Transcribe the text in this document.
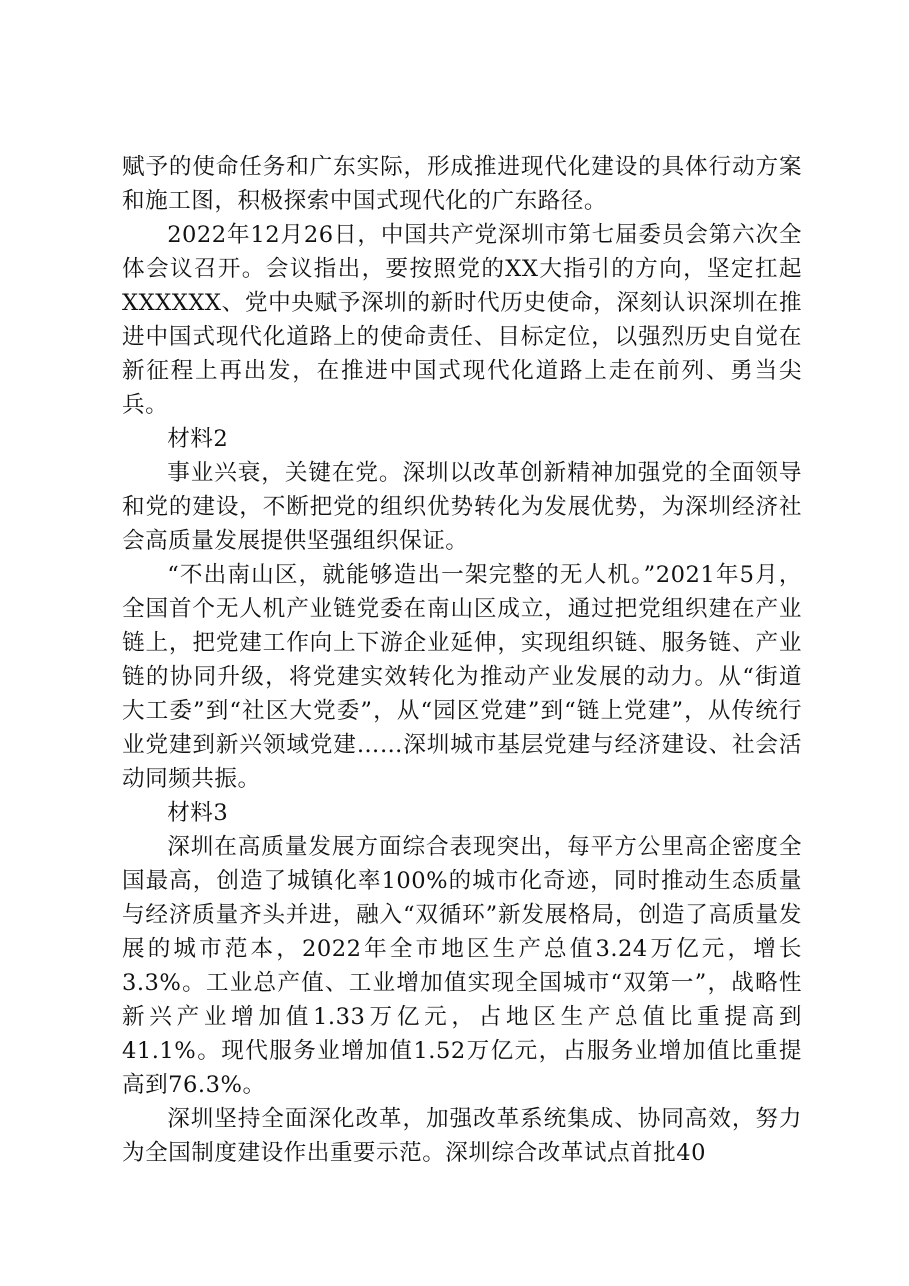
赋予的使命任务和广东实际，形成推进现代化建设的具体行动方案和施工图，积极探索中国式现代化的广东路径。

2022年12月26日，中国共产党深圳市第七届委员会第六次全体会议召开。会议指出，要按照党的XX大指引的方向，坚定扛起XXXXXX、党中央赋予深圳的新时代历史使命，深刻认识深圳在推进中国式现代化道路上的使命责任、目标定位，以强烈历史自觉在新征程上再出发，在推进中国式现代化道路上走在前列、勇当尖兵。

材料2

事业兴衰，关键在党。深圳以改革创新精神加强党的全面领导和党的建设，不断把党的组织优势转化为发展优势，为深圳经济社会高质量发展提供坚强组织保证。

“不出南山区，就能够造出一架完整的无人机。”2021年5月，全国首个无人机产业链党委在南山区成立，通过把党组织建在产业链上，把党建工作向上下游企业延伸，实现组织链、服务链、产业链的协同升级，将党建实效转化为推动产业发展的动力。从“街道大工委”到“社区大党委”，从“园区党建”到“链上党建”，从传统行业党建到新兴领域党建……深圳城市基层党建与经济建设、社会活动同频共振。

材料3

深圳在高质量发展方面综合表现突出，每平方公里高企密度全国最高，创造了城镇化率100%的城市化奇迹，同时推动生态质量与经济质量齐头并进，融入“双循环”新发展格局，创造了高质量发展的城市范本，2022年全市地区生产总值3.24万亿元，增长3.3%。工业总产值、工业增加值实现全国城市“双第一”，战略性新兴产业增加值1.33万亿元，占地区生产总值比重提高到41.1%。现代服务业增加值1.52万亿元，占服务业增加值比重提高到76.3%。

深圳坚持全面深化改革，加强改革系统集成、协同高效，努力为全国制度建设作出重要示范。深圳综合改革试点首批40
